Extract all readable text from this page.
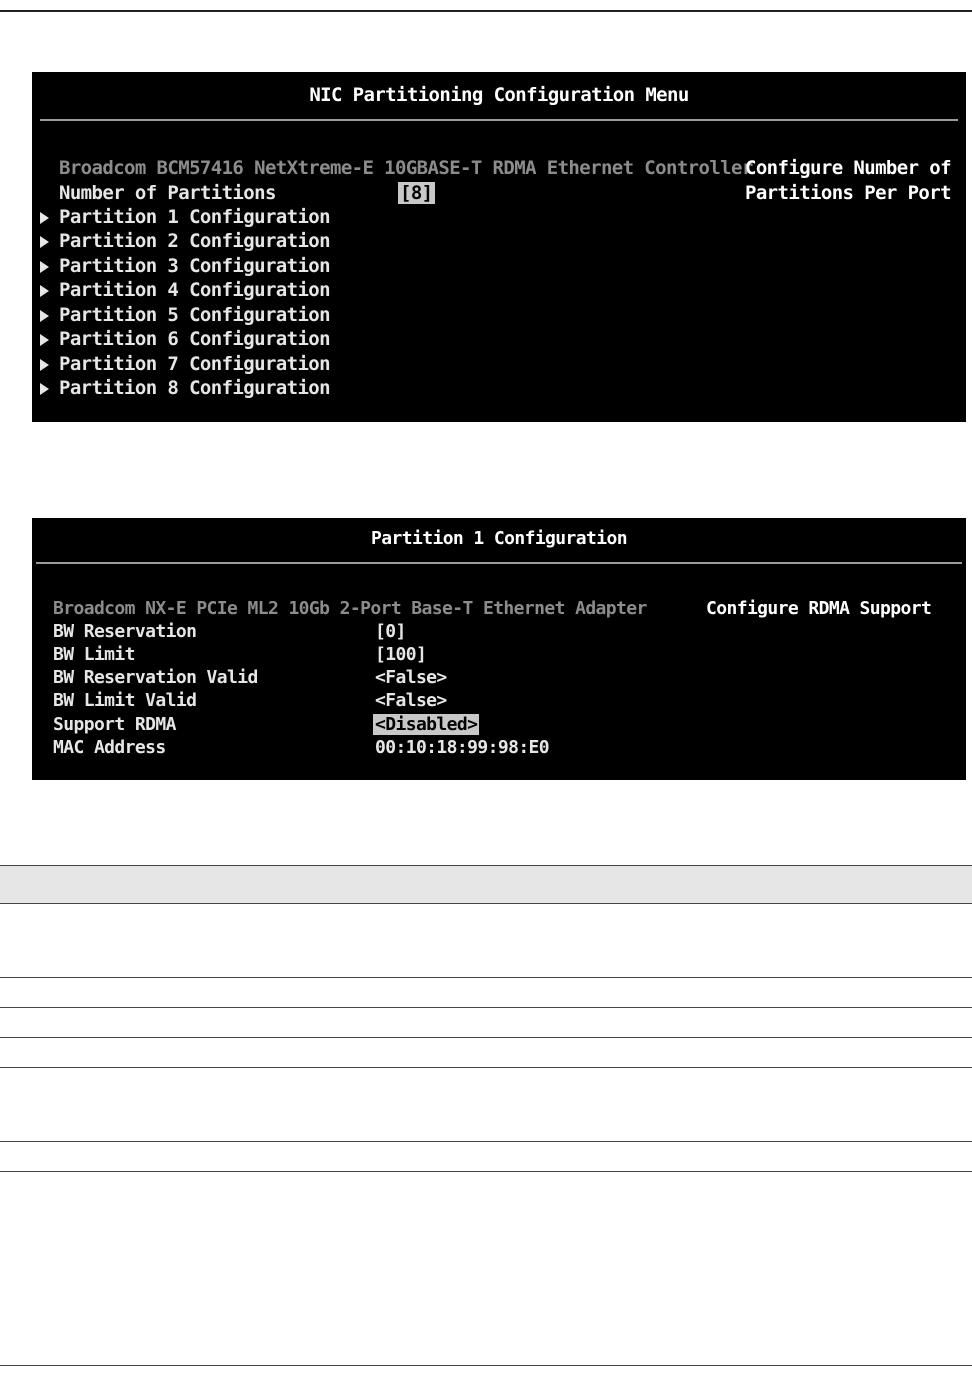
NIC Partitioning Configuration Menu
Broadcom BCM57416 NetXtreme-E 10GBASE-T RDMA Ethernet Controller
Number of Partitions	[8]
Configure Number of
Partitions Per Port
Partition 1 Configuration
Partition 2 Configuration
Partition 3 Configuration
Partition 4 Configuration
Partition 5 Configuration
Partition 6 Configuration
Partition 7 Configuration
Partition 8 Configuration
Partition 1 Configuration
Broadcom NX-E PCIe ML2 10Gb 2-Port Base-T Ethernet Adapter	Configure RDMA Support
BW Reservation	[0]
BW Limit	[100]
BW Reservation Valid	<False>
BW Limit Valid	<False>
Support RDMA	<Disabled>
MAC Address	00:10:18:99:98:E0
